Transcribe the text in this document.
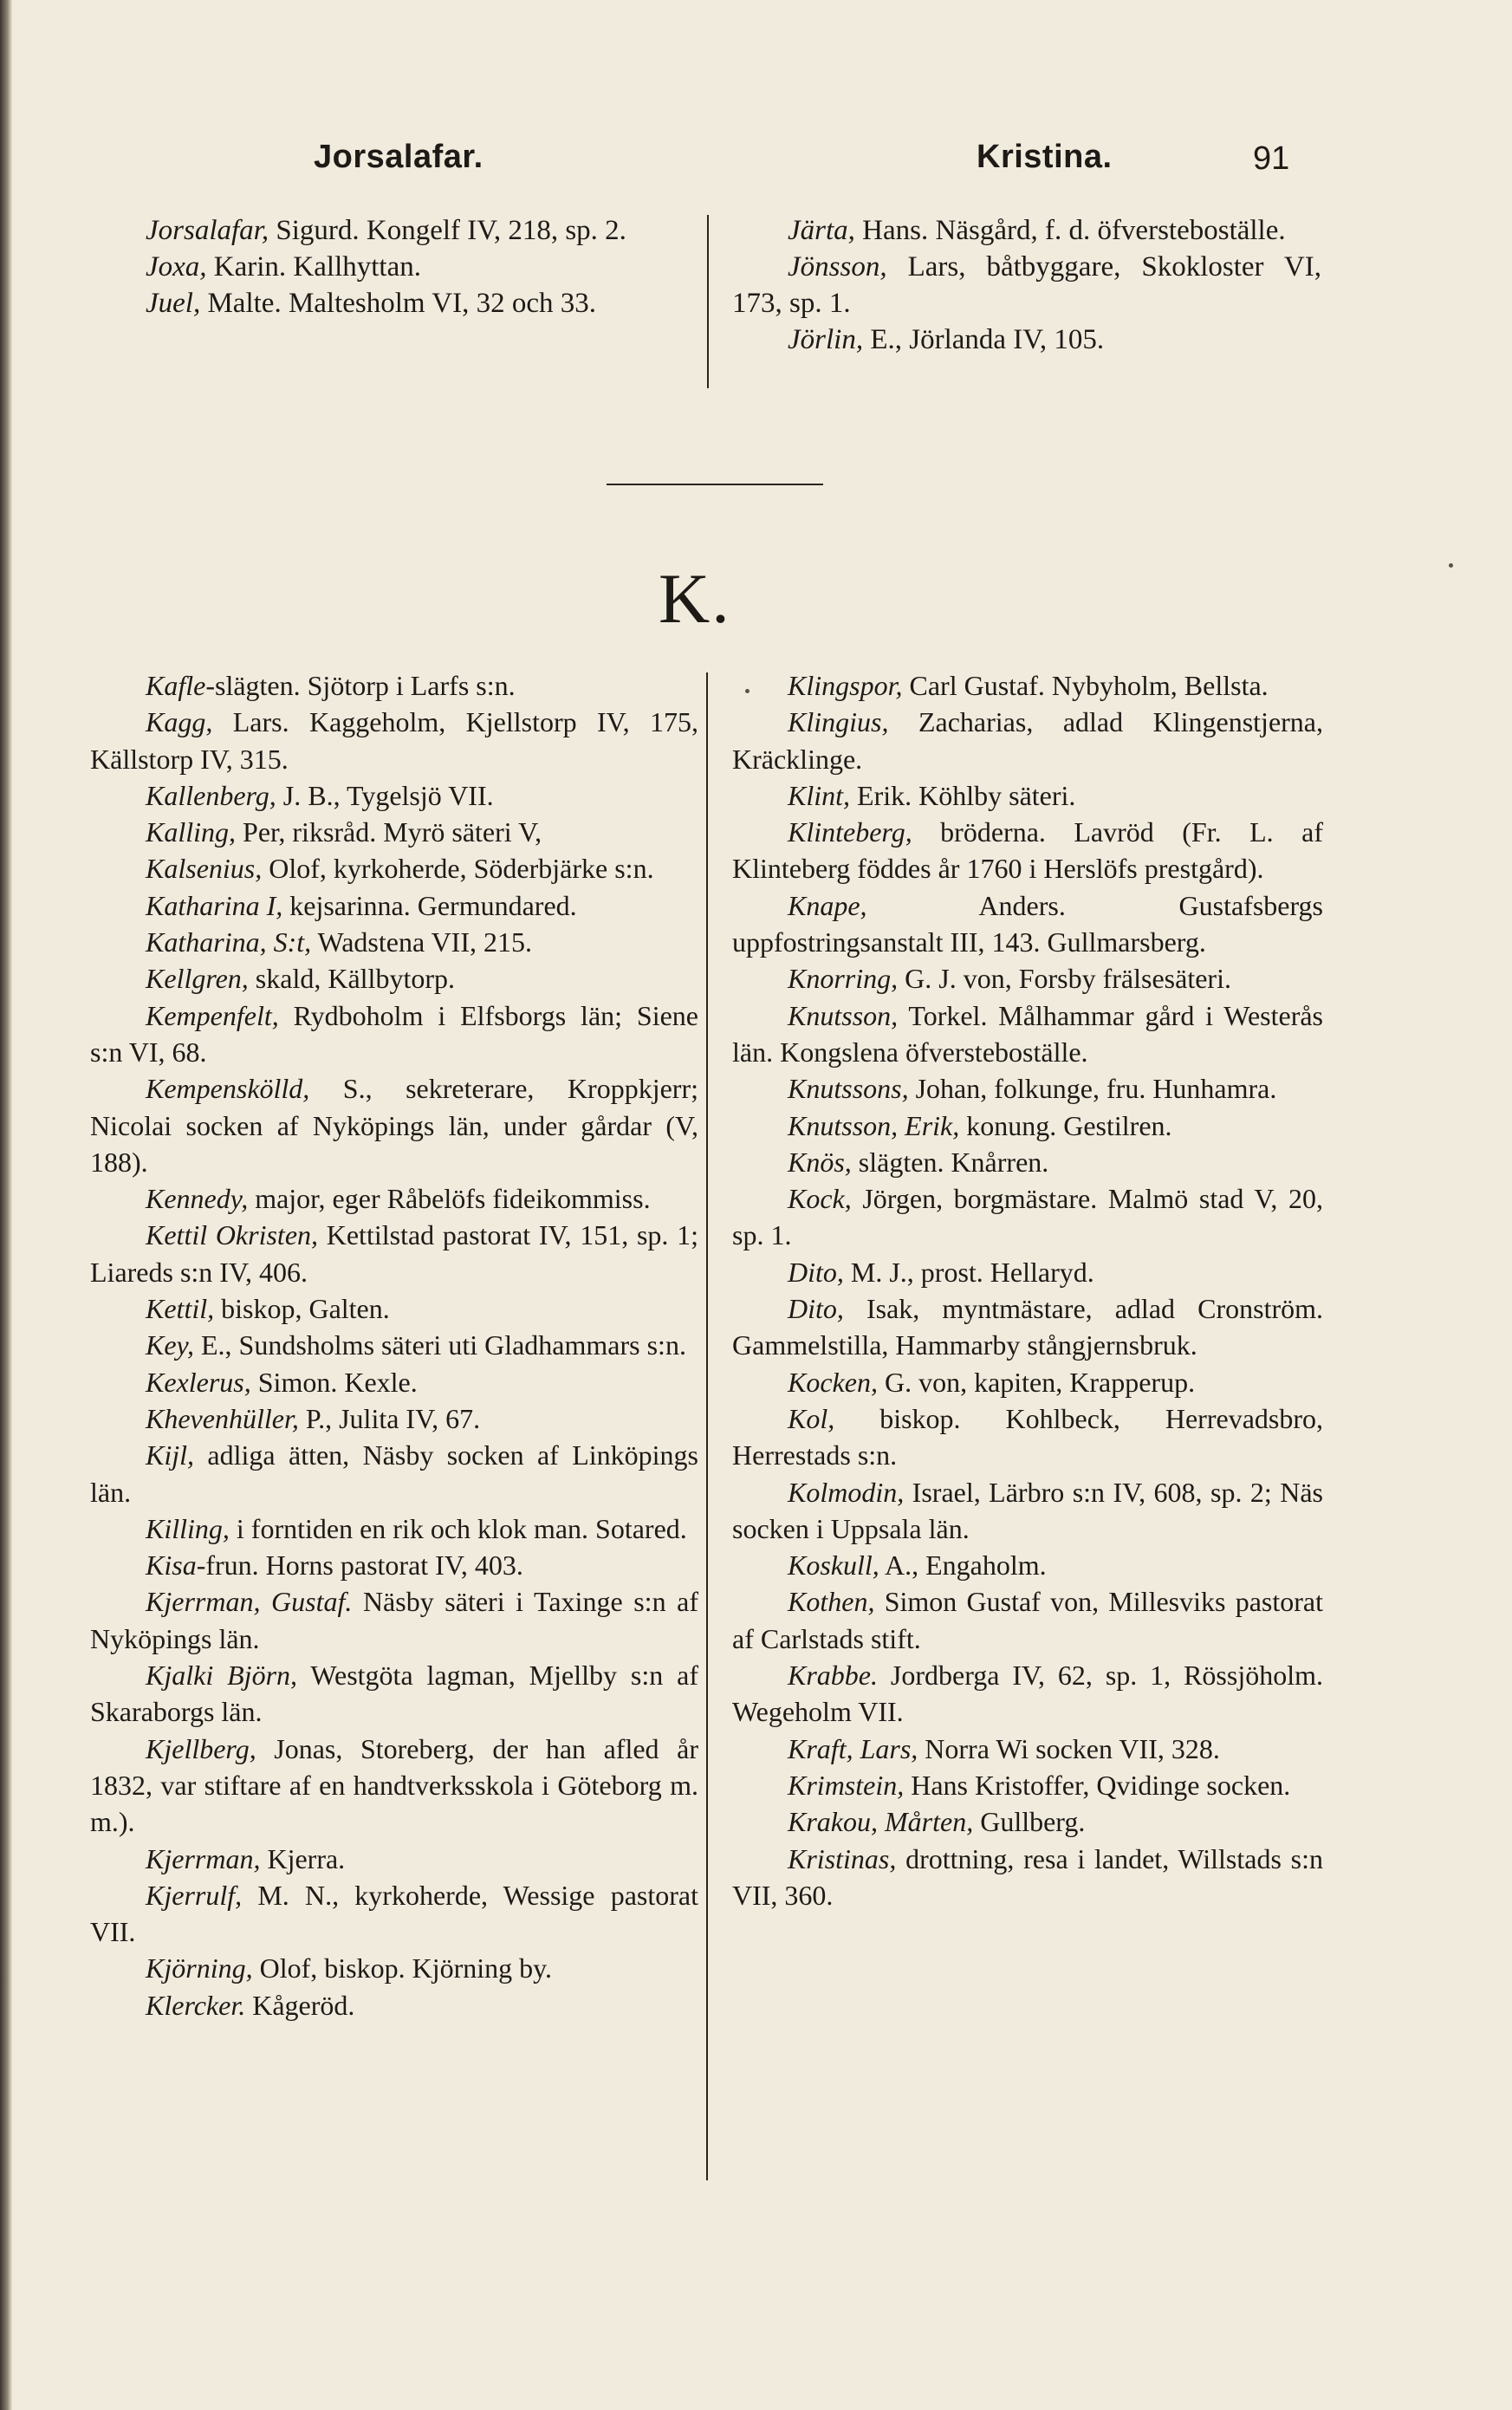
Jorsalafar.	Kristina.	91

Jorsalafar, Sigurd. Kongelf IV, 218, sp. 2.

Joxa, Karin. Kallhyttan.

Juel, Malte. Maltesholm VI, 32 och 33.

Järta, Hans. Näsgård, f. d. öfversteboställe.

Jönsson, Lars, båtbyggare, Skokloster VI, 173, sp. 1.

Jörlin, E., Jörlanda IV, 105.

K.

Kafle-slägten. Sjötorp i Larfs s:n.

Kagg, Lars. Kaggeholm, Kjellstorp IV, 175, Källstorp IV, 315.

Kallenberg, J. B., Tygelsjö VII.

Kalling, Per, riksråd. Myrö säteri V,

Kalsenius, Olof, kyrkoherde, Söderbjärke s:n.

Katharina I, kejsarinna. Germundared.

Katharina, S:t, Wadstena VII, 215.

Kellgren, skald, Källbytorp.

Kempenfelt, Rydboholm i Elfsborgs län; Siene s:n VI, 68.

Kempenskölld, S., sekreterare, Kroppkjerr; Nicolai socken af Nyköpings län, under gårdar (V, 188).

Kennedy, major, eger Råbelöfs fideikommiss.

Kettil Okristen, Kettilstad pastorat IV, 151, sp. 1; Liareds s:n IV, 406.

Kettil, biskop, Galten.

Key, E., Sundsholms säteri uti Gladhammars s:n.

Kexlerus, Simon. Kexle.

Khevenhüller, P., Julita IV, 67.

Kijl, adliga ätten, Näsby socken af Linköpings län.

Killing, i forntiden en rik och klok man. Sotared.

Kisa-frun. Horns pastorat IV, 403.

Kjerrman, Gustaf. Näsby säteri i Taxinge s:n af Nyköpings län.

Kjalki Björn, Westgöta lagman, Mjellby s:n af Skaraborgs län.

Kjellberg, Jonas, Storeberg, der han afled år 1832, var stiftare af en handtverksskola i Göteborg m. m.).

Kjerrman, Kjerra.

Kjerrulf, M. N., kyrkoherde, Wessige pastorat VII.

Kjörning, Olof, biskop. Kjörning by.

Klercker. Kågeröd.

Klingspor, Carl Gustaf. Nybyholm, Bellsta.

Klingius, Zacharias, adlad Klingenstjerna, Kräcklinge.

Klint, Erik. Köhlby säteri.

Klinteberg, bröderna. Lavröd (Fr. L. af Klinteberg föddes år 1760 i Herslöfs prestgård).

Knape, Anders. Gustafsbergs uppfostringsanstalt III, 143. Gullmarsberg.

Knorring, G. J. von, Forsby frälsesäteri.

Knutsson, Torkel. Målhammar gård i Westerås län. Kongslena öfversteboställe.

Knutssons, Johan, folkunge, fru. Hunhamra.

Knutsson, Erik, konung. Gestilren.

Knös, slägten. Knårren.

Kock, Jörgen, borgmästare. Malmö stad V, 20, sp. 1.

Dito, M. J., prost. Hellaryd.

Dito, Isak, myntmästare, adlad Cronström. Gammelstilla, Hammarby stångjernsbruk.

Kocken, G. von, kapiten, Krapperup.

Kol, biskop. Kohlbeck, Herrevadsbro, Herrestads s:n.

Kolmodin, Israel, Lärbro s:n IV, 608, sp. 2; Näs socken i Uppsala län.

Koskull, A., Engaholm.

Kothen, Simon Gustaf von, Millesviks pastorat af Carlstads stift.

Krabbe. Jordberga IV, 62, sp. 1, Rössjöholm. Wegeholm VII.

Kraft, Lars, Norra Wi socken VII, 328.

Krimstein, Hans Kristoffer, Qvidinge socken.

Krakou, Mårten, Gullberg.

Kristinas, drottning, resa i landet, Willstads s:n VII, 360.
